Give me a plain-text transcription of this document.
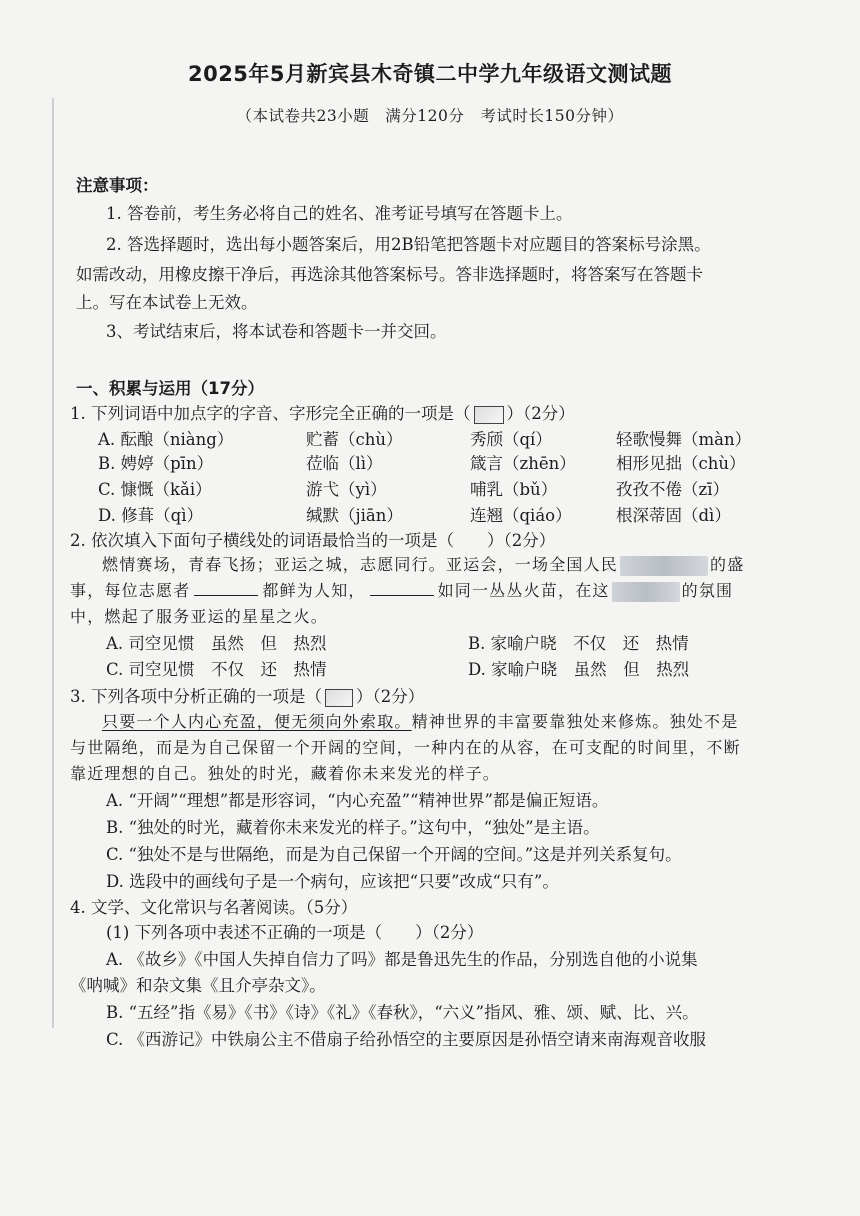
2025年5月新宾县木奇镇二中学九年级语文测试题
（本试卷共23小题　满分120分　考试时长150分钟）
注意事项：
1. 答卷前，考生务必将自己的姓名、准考证号填写在答题卡上。
2. 答选择题时，选出每小题答案后，用2B铅笔把答题卡对应题目的答案标号涂黑。
如需改动，用橡皮擦干净后，再选涂其他答案标号。答非选择题时，将答案写在答题卡
上。写在本试卷上无效。
3、考试结束后，将本试卷和答题卡一并交回。
一、积累与运用（17分）
1. 下列词语中加点字的字音、字形完全正确的一项是（ ）（2分）
A. 酝酿（niàng）	贮蓄（chù）	秀颀（qí）	轻歌慢舞（màn）
B. 娉婷（pīn）	莅临（lì）	箴言（zhēn） 相形见拙（chù）
C. 慷慨（kǎi）	游弋（yì）	哺乳（bǔ）	孜孜不倦（zī）
D. 修葺（qì）	缄默（jiān）	连翘（qiáo）	根深蒂固（dì）
2. 依次填入下面句子横线处的词语最恰当的一项是（　　）（2分）
燃情赛场，青春飞扬；亚运之城，志愿同行。亚运会，一场全国人民	的盛
事，每位志愿者	都鲜为人知，	如同一丛丛火苗，在这	的氛围
中，燃起了服务亚运的星星之火。
A. 司空见惯　虽然　但　热烈	B. 家喻户晓　不仅　还　热情
C. 司空见惯　不仅　还　热情	D. 家喻户晓　虽然　但　热烈
3. 下列各项中分析正确的一项是（ ）（2分）
只要一个人内心充盈，便无须向外索取。精神世界的丰富要靠独处来修炼。独处不是
与世隔绝，而是为自己保留一个开阔的空间，一种内在的从容，在可支配的时间里，不断
靠近理想的自己。独处的时光，藏着你未来发光的样子。
A. “开阔”“理想”都是形容词，“内心充盈”“精神世界”都是偏正短语。
B. “独处的时光，藏着你未来发光的样子。”这句中，“独处”是主语。
C. “独处不是与世隔绝，而是为自己保留一个开阔的空间。”这是并列关系复句。
D. 选段中的画线句子是一个病句，应该把“只要”改成“只有”。
4. 文学、文化常识与名著阅读。（5分）
(1) 下列各项中表述不正确的一项是（　　）（2分）
A. 《故乡》《中国人失掉自信力了吗》都是鲁迅先生的作品，分别选自他的小说集
《呐喊》和杂文集《且介亭杂文》。
B. “五经”指《易》《书》《诗》《礼》《春秋》，“六义”指风、雅、颂、赋、比、兴。
C. 《西游记》中铁扇公主不借扇子给孙悟空的主要原因是孙悟空请来南海观音收服
